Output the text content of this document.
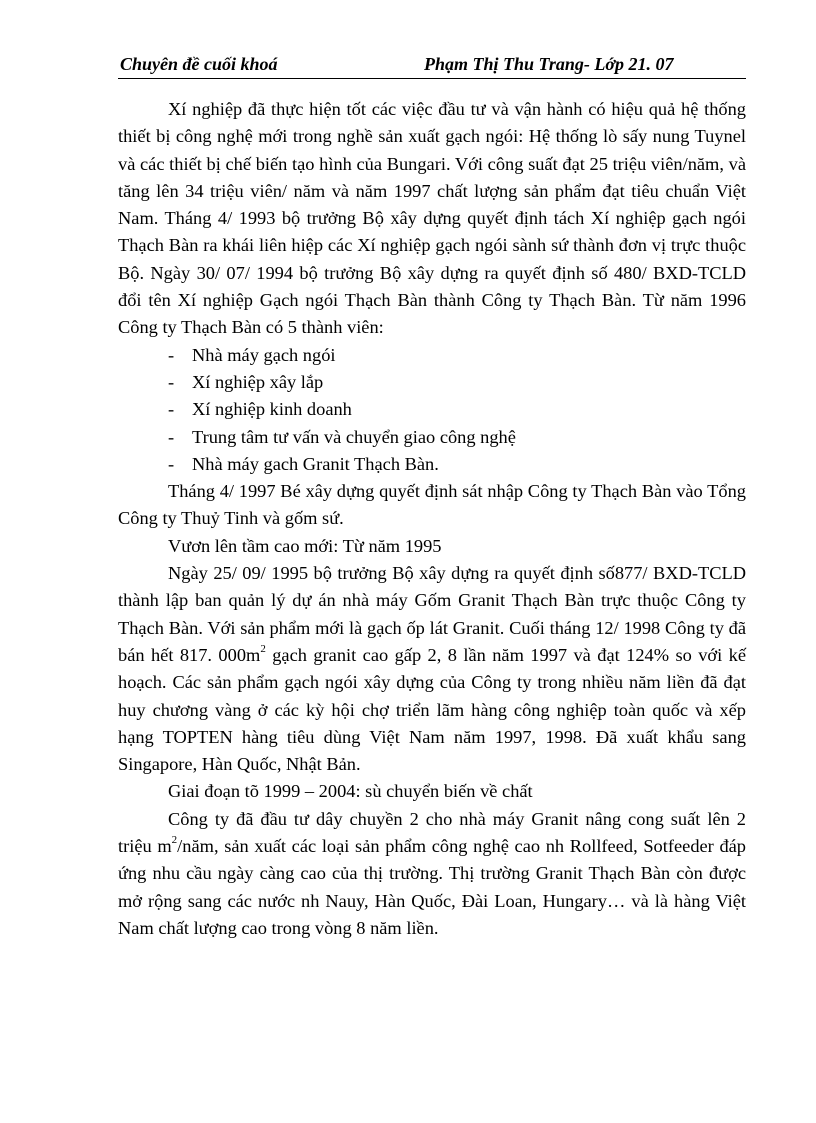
Chuyên đề cuối khoá	Phạm Thị Thu Trang- Lớp 21. 07

Xí nghiệp đã thực hiện tốt các việc đầu tư và vận hành có hiệu quả hệ thống thiết bị công nghệ mới trong nghề sản xuất gạch ngói: Hệ thống lò sấy nung Tuynel và các thiết bị chế biến tạo hình của Bungari. Với công suất đạt 25 triệu viên/năm, và tăng lên 34 triệu viên/ năm và năm 1997 chất lượng sản phẩm đạt tiêu chuẩn Việt Nam. Tháng 4/ 1993 bộ trưởng Bộ xây dựng quyết định tách Xí nghiệp gạch ngói Thạch Bàn ra khái liên hiệp các Xí nghiệp gạch ngói sành sứ thành đơn vị trực thuộc Bộ. Ngày 30/ 07/ 1994 bộ trưởng Bộ xây dựng ra quyết định số 480/ BXD-TCLD đổi tên Xí nghiệp Gạch ngói Thạch Bàn thành Công ty Thạch Bàn. Từ năm 1996 Công ty Thạch Bàn có 5 thành viên:

- Nhà máy gạch ngói
- Xí nghiệp xây lắp
- Xí nghiệp kinh doanh
- Trung tâm tư vấn và chuyển giao công nghệ
- Nhà máy gach Granit Thạch Bàn.

Tháng 4/ 1997 Bé xây dựng quyết định sát nhập Công ty Thạch Bàn vào Tổng Công ty Thuỷ Tinh và gốm sứ.

Vươn lên tầm cao mới: Từ năm 1995

Ngày 25/ 09/ 1995 bộ trưởng Bộ xây dựng ra quyết định số877/ BXD-TCLD thành lập ban quản lý dự án nhà máy Gốm Granit Thạch Bàn trực thuộc Công ty Thạch Bàn. Với sản phẩm mới là gạch ốp lát Granit. Cuối tháng 12/ 1998 Công ty đã bán hết 817. $000m^2$ gạch granit cao gấp 2, 8 lần năm 1997 và đạt 124% so với kế hoạch. Các sản phẩm gạch ngói xây dựng của Công ty trong nhiều năm liền đã đạt huy chương vàng ở các kỳ hội chợ triển lãm hàng công nghiệp toàn quốc và xếp hạng TOPTEN hàng tiêu dùng Việt Nam năm 1997, 1998. Đã xuất khẩu sang Singapore, Hàn Quốc, Nhật Bản.

Giai đoạn tõ 1999 – 2004: sù chuyển biến về chất

Công ty đã đầu tư dây chuyền 2 cho nhà máy Granit nâng cong suất lên 2 triệu $m^2$/năm, sản xuất các loại sản phẩm công nghệ cao nh Rollfeed, Sotfeeder đáp ứng nhu cầu ngày càng cao của thị trường. Thị trường Granit Thạch Bàn còn được mở rộng sang các nước nh Nauy, Hàn Quốc, Đài Loan, Hungary… và là hàng Việt Nam chất lượng cao trong vòng 8 năm liền.
